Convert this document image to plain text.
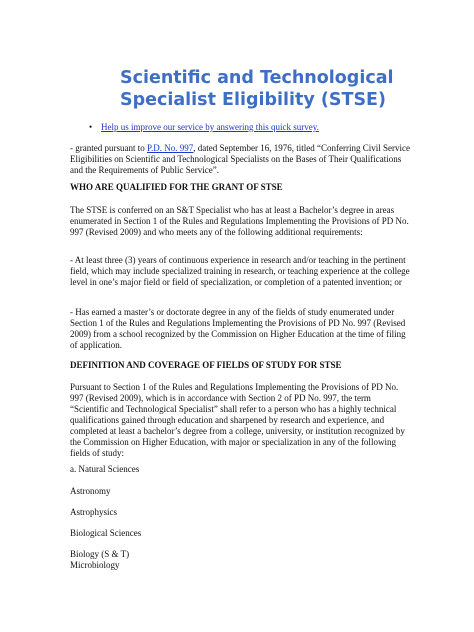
Scientific and Technological Specialist Eligibility (STSE)
• Help us improve our service by answering this quick survey.

- granted pursuant to P.D. No. 997, dated September 16, 1976, titled “Conferring Civil Service Eligibilities on Scientific and Technological Specialists on the Bases of Their Qualifications and the Requirements of Public Service”.

WHO ARE QUALIFIED FOR THE GRANT OF STSE

The STSE is conferred on an S&T Specialist who has at least a Bachelor’s degree in areas enumerated in Section 1 of the Rules and Regulations Implementing the Provisions of PD No. 997 (Revised 2009) and who meets any of the following additional requirements:

- At least three (3) years of continuous experience in research and/or teaching in the pertinent field, which may include specialized training in research, or teaching experience at the college level in one’s major field or field of specialization, or completion of a patented invention; or

- Has earned a master’s or doctorate degree in any of the fields of study enumerated under Section 1 of the Rules and Regulations Implementing the Provisions of PD No. 997 (Revised 2009) from a school recognized by the Commission on Higher Education at the time of filing of application.

DEFINITION AND COVERAGE OF FIELDS OF STUDY FOR STSE

Pursuant to Section 1 of the Rules and Regulations Implementing the Provisions of PD No. 997 (Revised 2009), which is in accordance with Section 2 of PD No. 997, the term “Scientific and Technological Specialist” shall refer to a person who has a highly technical qualifications gained through education and sharpened by research and experience, and completed at least a bachelor’s degree from a college, university, or institution recognized by the Commission on Higher Education, with major or specialization in any of the following fields of study:

a. Natural Sciences

Astronomy

Astrophysics

Biological Sciences

Biology (S & T)

Microbiology
